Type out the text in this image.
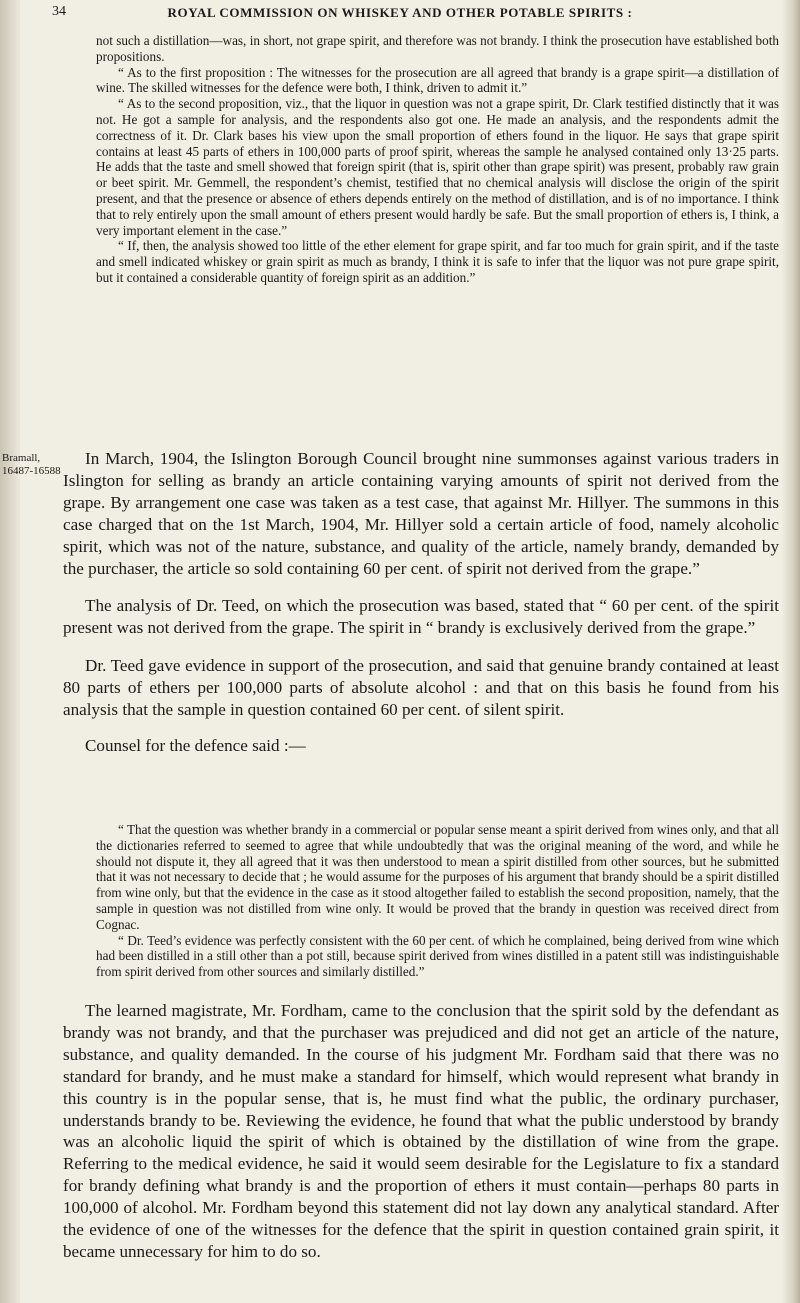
34	ROYAL COMMISSION ON WHISKEY AND OTHER POTABLE SPIRITS :

not such a distillation—was, in short, not grape spirit, and therefore was not brandy. I think the prosecution have established both propositions.

“ As to the first proposition : The witnesses for the prosecution are all agreed that brandy is a grape spirit—a distillation of wine. The skilled witnesses for the defence were both, I think, driven to admit it.”

“ As to the second proposition, viz., that the liquor in question was not a grape spirit, Dr. Clark testified distinctly that it was not. He got a sample for analysis, and the respondents also got one. He made an analysis, and the respondents admit the correctness of it. Dr. Clark bases his view upon the small proportion of ethers found in the liquor. He says that grape spirit contains at least 45 parts of ethers in 100,000 parts of proof spirit, whereas the sample he analysed contained only 13·25 parts. He adds that the taste and smell showed that foreign spirit (that is, spirit other than grape spirit) was present, probably raw grain or beet spirit. Mr. Gemmell, the respondent’s chemist, testified that no chemical analysis will disclose the origin of the spirit present, and that the presence or absence of ethers depends entirely on the method of distillation, and is of no importance. I think that to rely entirely upon the small amount of ethers present would hardly be safe. But the small proportion of ethers is, I think, a very important element in the case.”

“ If, then, the analysis showed too little of the ether element for grape spirit, and far too much for grain spirit, and if the taste and smell indicated whiskey or grain spirit as much as brandy, I think it is safe to infer that the liquor was not pure grape spirit, but it contained a considerable quantity of foreign spirit as an addition.”

Bramall,
16487-16588

In March, 1904, the Islington Borough Council brought nine summonses against various traders in Islington for selling as brandy an article containing varying amounts of spirit not derived from the grape. By arrangement one case was taken as a test case, that against Mr. Hillyer. The summons in this case charged that on the 1st March, 1904, Mr. Hillyer sold a certain article of food, namely alcoholic spirit, which was not of the nature, substance, and quality of the article, namely brandy, demanded by the purchaser, the article so sold containing 60 per cent. of spirit not derived from the grape.”

The analysis of Dr. Teed, on which the prosecution was based, stated that “ 60 per cent. of the spirit present was not derived from the grape. The spirit in “ brandy is exclusively derived from the grape.”

Dr. Teed gave evidence in support of the prosecution, and said that genuine brandy contained at least 80 parts of ethers per 100,000 parts of absolute alcohol : and that on this basis he found from his analysis that the sample in question contained 60 per cent. of silent spirit.

Counsel for the defence said :—

“ That the question was whether brandy in a commercial or popular sense meant a spirit derived from wines only, and that all the dictionaries referred to seemed to agree that while undoubtedly that was the original meaning of the word, and while he should not dispute it, they all agreed that it was then understood to mean a spirit distilled from other sources, but he submitted that it was not necessary to decide that ; he would assume for the purposes of his argument that brandy should be a spirit distilled from wine only, but that the evidence in the case as it stood altogether failed to establish the second proposition, namely, that the sample in question was not distilled from wine only. It would be proved that the brandy in question was received direct from Cognac.

“ Dr. Teed’s evidence was perfectly consistent with the 60 per cent. of which he complained, being derived from wine which had been distilled in a still other than a pot still, because spirit derived from wines distilled in a patent still was indistinguishable from spirit derived from other sources and similarly distilled.”

The learned magistrate, Mr. Fordham, came to the conclusion that the spirit sold by the defendant as brandy was not brandy, and that the purchaser was prejudiced and did not get an article of the nature, substance, and quality demanded. In the course of his judgment Mr. Fordham said that there was no standard for brandy, and he must make a standard for himself, which would represent what brandy in this country is in the popular sense, that is, he must find what the public, the ordinary purchaser, understands brandy to be. Reviewing the evidence, he found that what the public understood by brandy was an alcoholic liquid the spirit of which is obtained by the distillation of wine from the grape. Referring to the medical evidence, he said it would seem desirable for the Legislature to fix a standard for brandy defining what brandy is and the proportion of ethers it must contain—perhaps 80 parts in 100,000 of alcohol. Mr. Fordham beyond this statement did not lay down any analytical standard. After the evidence of one of the witnesses for the defence that the spirit in question contained grain spirit, it became unnecessary for him to do so.
